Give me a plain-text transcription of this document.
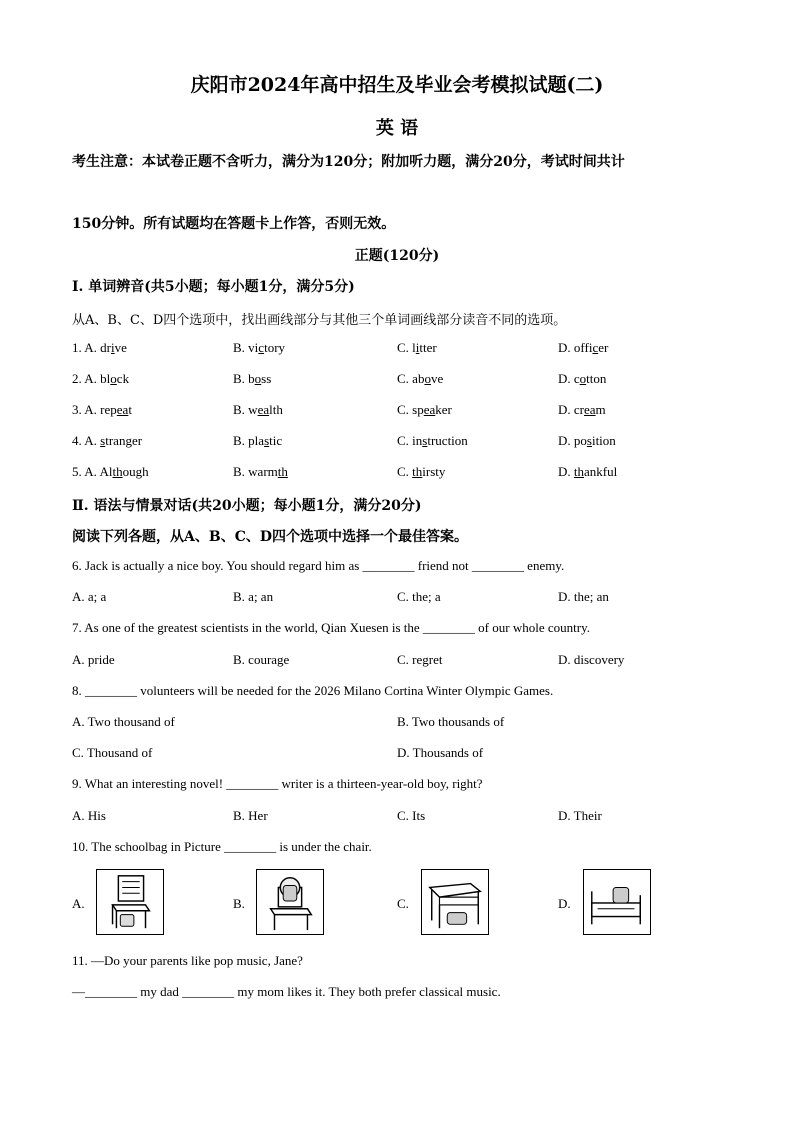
庆阳市2024年高中招生及毕业会考模拟试题(二)
英 语
考生注意：本试卷正题不含听力，满分为120分；附加听力题，满分20分，考试时间共计
150分钟。所有试题均在答题卡上作答，否则无效。
正题(120分)
I. 单词辨音(共5小题；每小题1分，满分5分)
从A、B、C、D四个选项中，找出画线部分与其他三个单词画线部分读音不同的选项。
1. A. drive	B. victory	C. litter	D. officer
2. A. block	B. boss	C. above	D. cotton
3. A. repeat	B. wealth	C. speaker	D. cream
4. A. stranger	B. plastic	C. instruction	D. position
5. A. Although	B. warmth	C. thirsty	D. thankful
Ⅱ. 语法与情景对话(共20小题；每小题1分，满分20分)
阅读下列各题，从A、B、C、D四个选项中选择一个最佳答案。
6. Jack is actually a nice boy. You should regard him as ________ friend not ________ enemy.
A. a; a	B. a; an	C. the; a	D. the; an
7. As one of the greatest scientists in the world, Qian Xuesen is the ________ of our whole country.
A. pride	B. courage	C. regret	D. discovery
8. ________ volunteers will be needed for the 2026 Milano Cortina Winter Olympic Games.
A. Two thousand of	B. Two thousands of
C. Thousand of	D. Thousands of
9. What an interesting novel! ________ writer is a thirteen-year-old boy, right?
A. His	B. Her	C. Its	D. Their
10. The schoolbag in Picture ________ is under the chair.
A.	B.	C.	D.
11. —Do your parents like pop music, Jane?
—________ my dad ________ my mom likes it. They both prefer classical music.
